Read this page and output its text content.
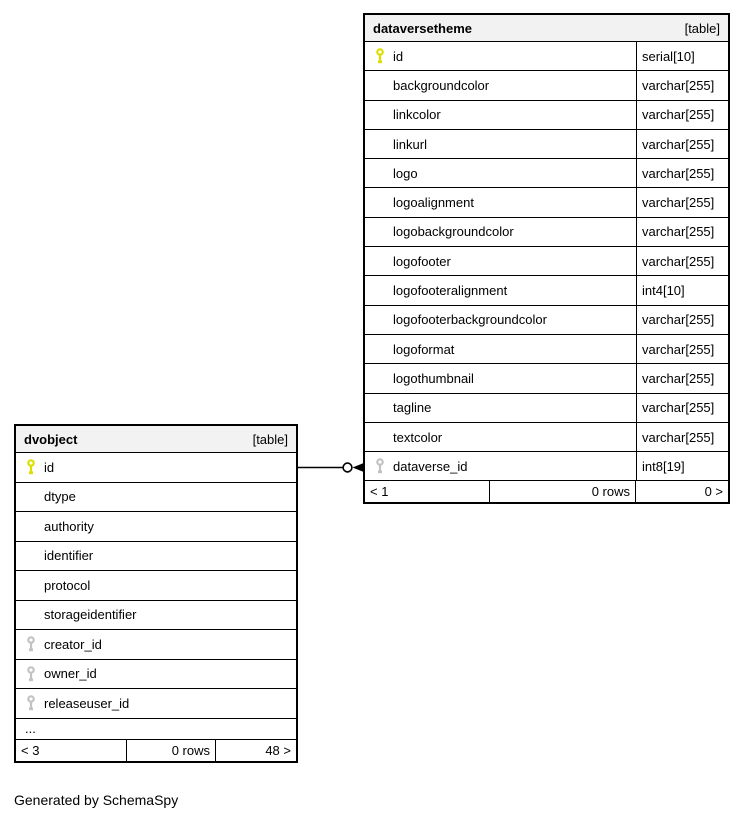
dataversetheme	[table]
id	serial[10]
backgroundcolor	varchar[255]
linkcolor	varchar[255]
linkurl	varchar[255]
logo	varchar[255]
logoalignment	varchar[255]
logobackgroundcolor	varchar[255]
logofooter	varchar[255]
logofooteralignment	int4[10]
logofooterbackgroundcolor	varchar[255]
logoformat	varchar[255]
logothumbnail	varchar[255]
tagline	varchar[255]
textcolor	varchar[255]
dataverse_id	int8[19]
< 1	0 rows	0 >
dvobject	[table]
id
dtype
authority
identifier
protocol
storageidentifier
creator_id
owner_id
releaseuser_id
...
< 3	0 rows	48 >
Generated by SchemaSpy
